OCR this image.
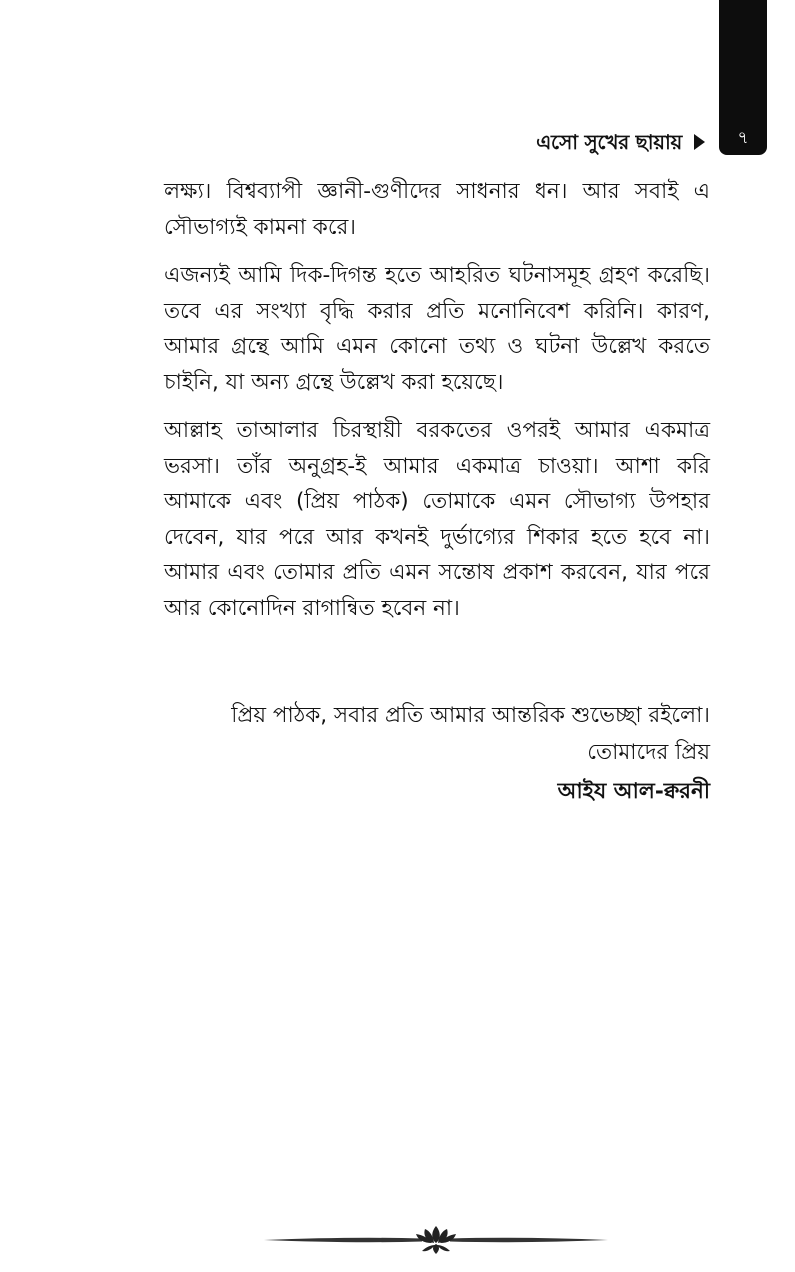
৭
এসো সুখের ছায়ায়

লক্ষ্য। বিশ্বব্যাপী জ্ঞানী-গুণীদের সাধনার ধন। আর সবাই এ সৌভাগ্যই কামনা করে।

এজন্যই আমি দিক-দিগন্ত হতে আহরিত ঘটনাসমূহ গ্রহণ করেছি। তবে এর সংখ্যা বৃদ্ধি করার প্রতি মনোনিবেশ করিনি। কারণ, আমার গ্রন্থে আমি এমন কোনো তথ্য ও ঘটনা উল্লেখ করতে চাইনি, যা অন্য গ্রন্থে উল্লেখ করা হয়েছে।

আল্লাহ তাআলার চিরস্থায়ী বরকতের ওপরই আমার একমাত্র ভরসা। তাঁর অনুগ্রহ-ই আমার একমাত্র চাওয়া। আশা করি আমাকে এবং (প্রিয় পাঠক) তোমাকে এমন সৌভাগ্য উপহার দেবেন, যার পরে আর কখনই দুর্ভাগ্যের শিকার হতে হবে না। আমার এবং তোমার প্রতি এমন সন্তোষ প্রকাশ করবেন, যার পরে আর কোনোদিন রাগান্বিত হবেন না।

প্রিয় পাঠক, সবার প্রতি আমার আন্তরিক শুভেচ্ছা রইলো।
তোমাদের প্রিয়
আইয আল-ক্বরনী
